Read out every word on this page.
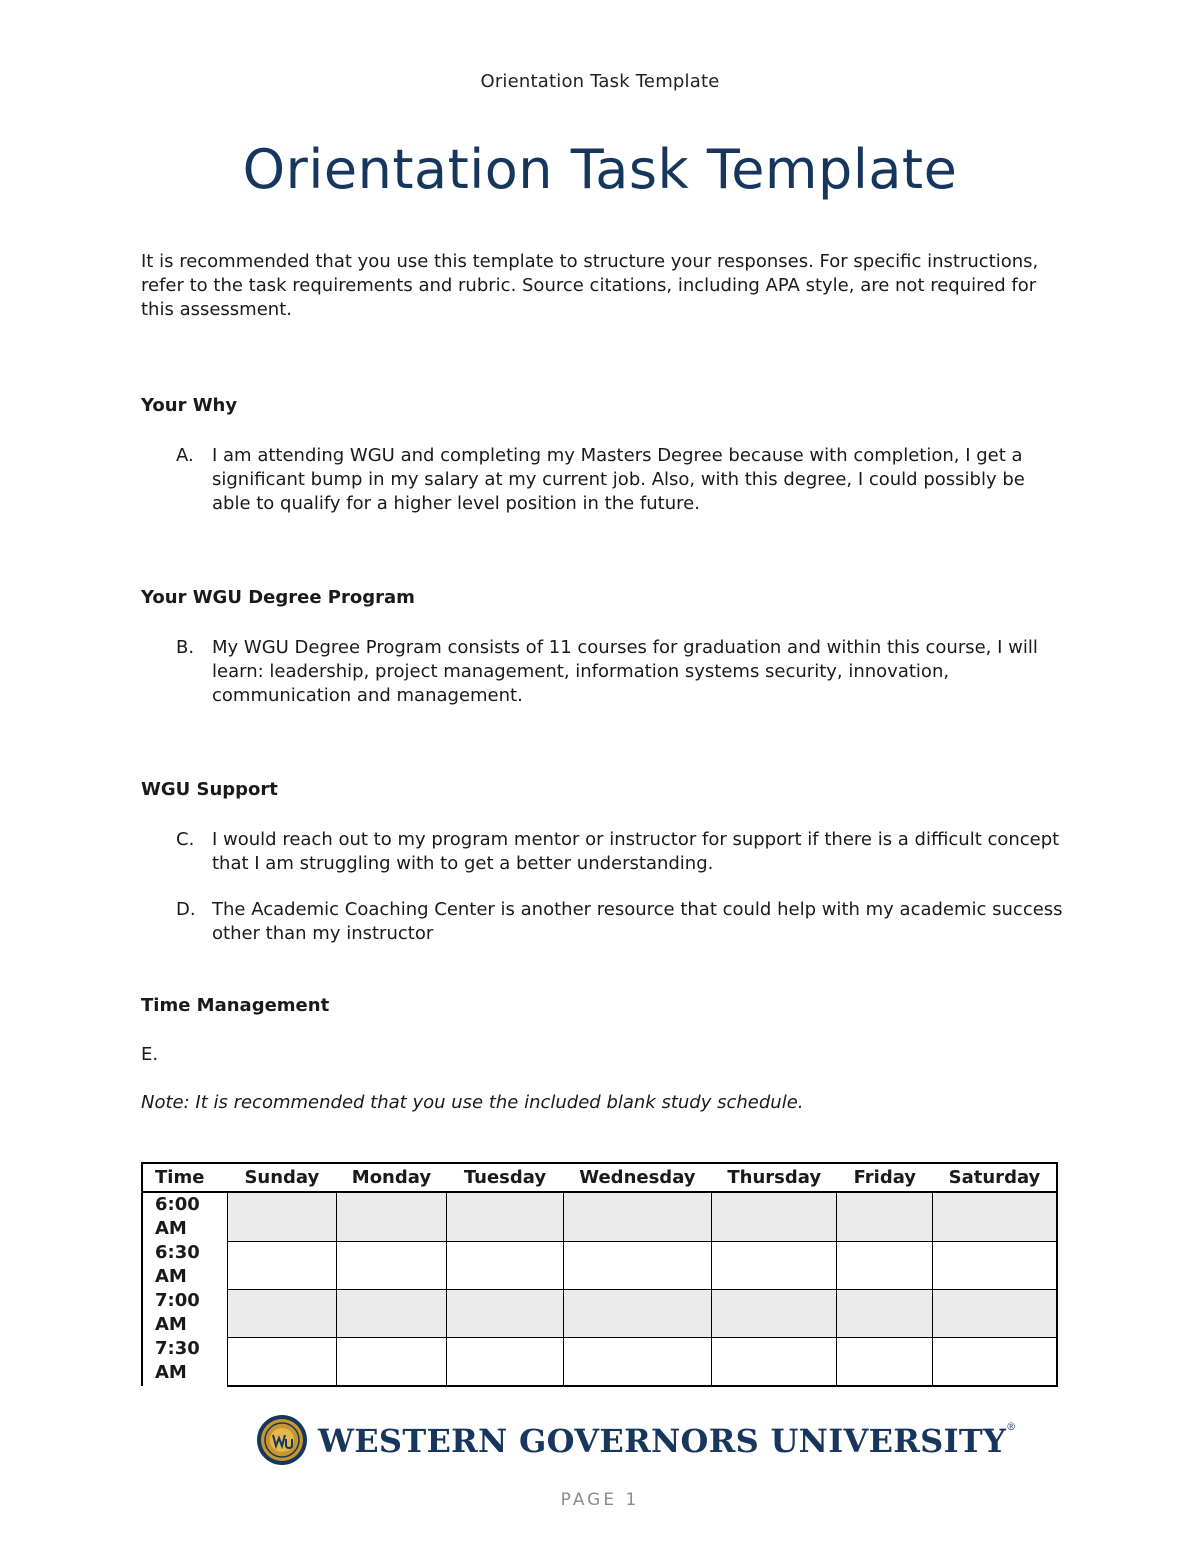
Orientation Task Template
Orientation Task Template

It is recommended that you use this template to structure your responses. For specific instructions, refer to the task requirements and rubric. Source citations, including APA style, are not required for this assessment.

Your Why
A.	I am attending WGU and completing my Masters Degree because with completion, I get a significant bump in my salary at my current job. Also, with this degree, I could possibly be able to qualify for a higher level position in the future.
Your WGU Degree Program
B. My WGU Degree Program consists of 11 courses for graduation and within this course, I will learn: leadership, project management, information systems security, innovation, communication and management.
WGU Support
C. I would reach out to my program mentor or instructor for support if there is a difficult concept that I am struggling with to get a better understanding.
D. The Academic Coaching Center is another resource that could help with my academic success other than my instructor
Time Management

E.

Note: It is recommended that you use the included blank study schedule.

Time	Sunday	Monday	Tuesday	Wednesday	Thursday	Friday	Saturday
6:00 AM							
6:30 AM							
7:00 AM							
7:30 AM							
WESTERN GOVERNORS UNIVERSITY®
PAGE 1
